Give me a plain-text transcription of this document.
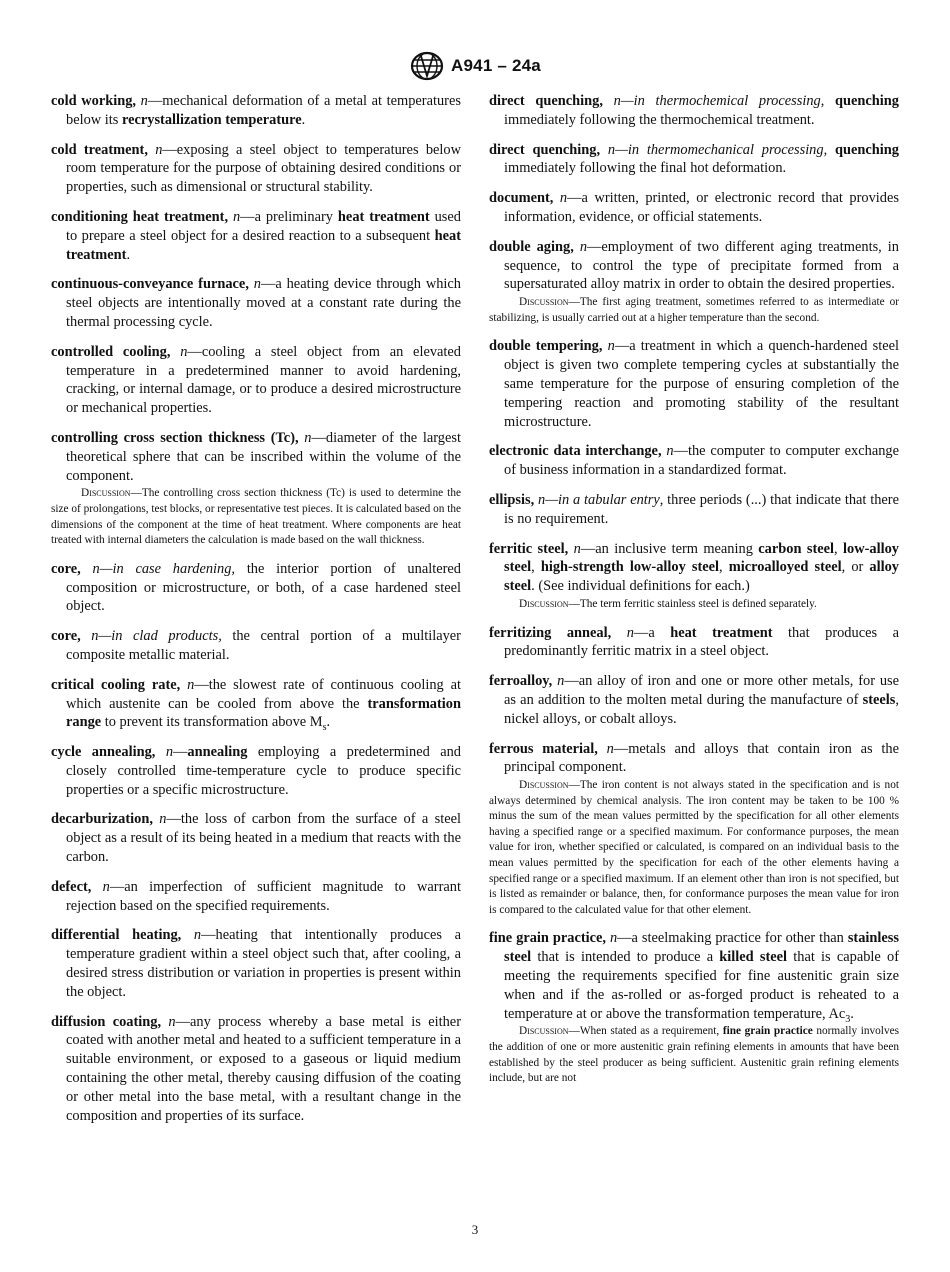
A941 – 24a

cold working, n—mechanical deformation of a metal at temperatures below its recrystallization temperature.

cold treatment, n—exposing a steel object to temperatures below room temperature for the purpose of obtaining desired conditions or properties, such as dimensional or structural stability.

conditioning heat treatment, n—a preliminary heat treatment used to prepare a steel object for a desired reaction to a subsequent heat treatment.

continuous-conveyance furnace, n—a heating device through which steel objects are intentionally moved at a constant rate during the thermal processing cycle.

controlled cooling, n—cooling a steel object from an elevated temperature in a predetermined manner to avoid hardening, cracking, or internal damage, or to produce a desired microstructure or mechanical properties.

controlling cross section thickness (Tc), n—diameter of the largest theoretical sphere that can be inscribed within the volume of the component.

Discussion—The controlling cross section thickness (Tc) is used to determine the size of prolongations, test blocks, or representative test pieces. It is calculated based on the dimensions of the component at the time of heat treatment. Where components are heat treated with internal diameters the calculation is made based on the wall thickness.

core, n—in case hardening, the interior portion of unaltered composition or microstructure, or both, of a case hardened steel object.

core, n—in clad products, the central portion of a multilayer composite metallic material.

critical cooling rate, n—the slowest rate of continuous cooling at which austenite can be cooled from above the transformation range to prevent its transformation above $M_s$.

cycle annealing, n—annealing employing a predetermined and closely controlled time-temperature cycle to produce specific properties or a specific microstructure.

decarburization, n—the loss of carbon from the surface of a steel object as a result of its being heated in a medium that reacts with the carbon.

defect, n—an imperfection of sufficient magnitude to warrant rejection based on the specified requirements.

differential heating, n—heating that intentionally produces a temperature gradient within a steel object such that, after cooling, a desired stress distribution or variation in properties is present within the object.

diffusion coating, n—any process whereby a base metal is either coated with another metal and heated to a sufficient temperature in a suitable environment, or exposed to a gaseous or liquid medium containing the other metal, thereby causing diffusion of the coating or other metal into the base metal, with a resultant change in the composition and properties of its surface.

direct quenching, n—in thermochemical processing, quenching immediately following the thermochemical treatment.

direct quenching, n—in thermomechanical processing, quenching immediately following the final hot deformation.

document, n—a written, printed, or electronic record that provides information, evidence, or official statements.

double aging, n—employment of two different aging treatments, in sequence, to control the type of precipitate formed from a supersaturated alloy matrix in order to obtain the desired properties.

Discussion—The first aging treatment, sometimes referred to as intermediate or stabilizing, is usually carried out at a higher temperature than the second.

double tempering, n—a treatment in which a quench-hardened steel object is given two complete tempering cycles at substantially the same temperature for the purpose of ensuring completion of the tempering reaction and promoting stability of the resultant microstructure.

electronic data interchange, n—the computer to computer exchange of business information in a standardized format.

ellipsis, n—in a tabular entry, three periods (...) that indicate that there is no requirement.

ferritic steel, n—an inclusive term meaning carbon steel, low-alloy steel, high-strength low-alloy steel, microalloyed steel, or alloy steel. (See individual definitions for each.)

Discussion—The term ferritic stainless steel is defined separately.

ferritizing anneal, n—a heat treatment that produces a predominantly ferritic matrix in a steel object.

ferroalloy, n—an alloy of iron and one or more other metals, for use as an addition to the molten metal during the manufacture of steels, nickel alloys, or cobalt alloys.

ferrous material, n—metals and alloys that contain iron as the principal component.

Discussion—The iron content is not always stated in the specification and is not always determined by chemical analysis. The iron content may be taken to be 100 % minus the sum of the mean values permitted by the specification for all other elements having a specified range or a specified maximum. For conformance purposes, the mean value for iron, whether specified or calculated, is compared on an individual basis to the mean values permitted by the specification for each of the other elements having a specified range or a specified maximum. If an element other than iron is not specified, but is listed as remainder or balance, then, for conformance purposes the mean value for iron is compared to the calculated value for that other element.

fine grain practice, n—a steelmaking practice for other than stainless steel that is intended to produce a killed steel that is capable of meeting the requirements specified for fine austenitic grain size when and if the as-rolled or as-forged product is reheated to a temperature at or above the transformation temperature, $Ac_3$.

Discussion—When stated as a requirement, fine grain practice normally involves the addition of one or more austenitic grain refining elements in amounts that have been established by the steel producer as being sufficient. Austenitic grain refining elements include, but are not

3
